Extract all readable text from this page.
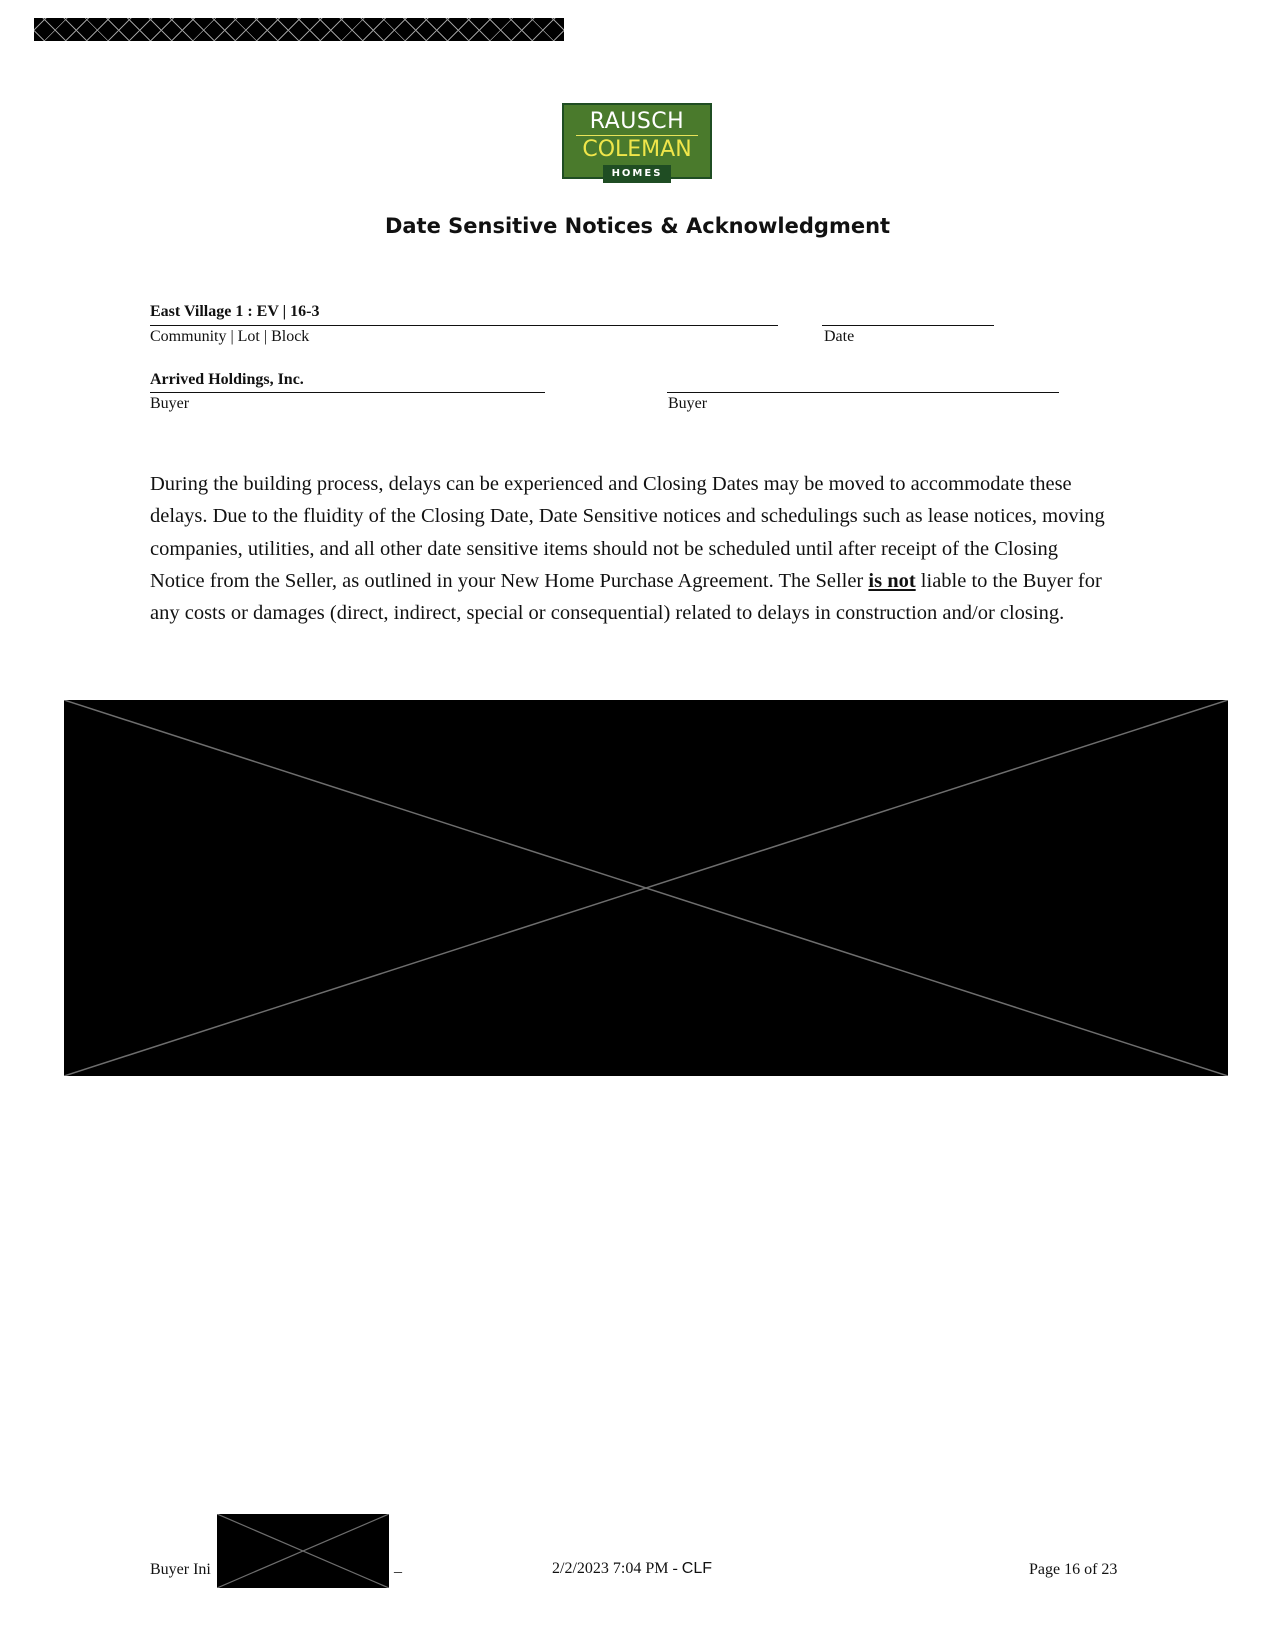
RAUSCH
COLEMAN
HOMES
Date Sensitive Notices & Acknowledgment
East Village 1 : EV | 16-3
Community | Lot | Block	Date
Arrived Holdings, Inc.
Buyer	Buyer
During the building process, delays can be experienced and Closing Dates may be moved to accommodate these delays. Due to the fluidity of the Closing Date, Date Sensitive notices and schedulings such as lease notices, moving companies, utilities, and all other date sensitive items should not be scheduled until after receipt of the Closing Notice from the Seller, as outlined in your New Home Purchase Agreement. The Seller is not liable to the Buyer for any costs or damages (direct, indirect, special or consequential) related to delays in construction and/or closing.
Buyer Ini	_	2/2/2023 7:04 PM - CLF	Page 16 of 23
